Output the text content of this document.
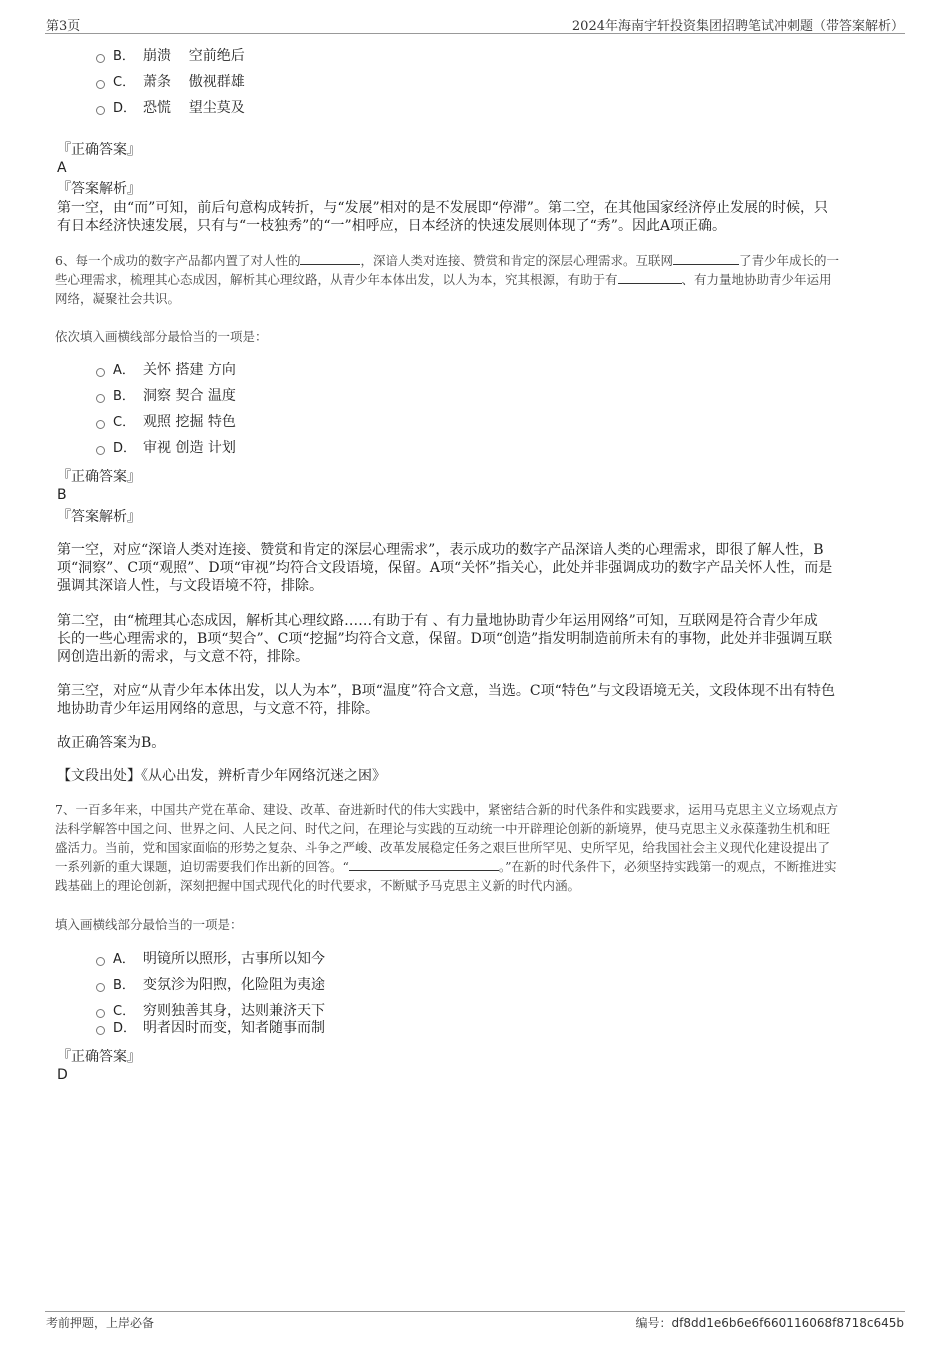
第3页	2024年海南宇轩投资集团招聘笔试冲刺题（带答案解析）
B． 崩溃    空前绝后
C． 萧条    傲视群雄
D． 恐慌    望尘莫及
『正确答案』
A
『答案解析』
第一空，由“而”可知，前后句意构成转折，与“发展”相对的是不发展即“停滞”。第二空，在其他国家经济停止发展的时候，只
有日本经济快速发展，只有与“一枝独秀”的“一”相呼应，日本经济的快速发展则体现了“秀”。因此A项正确。
6、每一个成功的数字产品都内置了对人性的	，深谙人类对连接、赞赏和肯定的深层心理需求。互联网	了青少年成长的一
些心理需求，梳理其心态成因，解析其心理纹路，从青少年本体出发，以人为本，究其根源，有助于有	、有力量地协助青少年运用
网络，凝聚社会共识。
依次填入画横线部分最恰当的一项是：
A． 关怀 搭建 方向
B． 洞察 契合 温度
C． 观照 挖掘 特色
D． 审视 创造 计划
『正确答案』
B
『答案解析』
第一空，对应“深谙人类对连接、赞赏和肯定的深层心理需求”，表示成功的数字产品深谙人类的心理需求，即很了解人性，B
项“洞察”、C项“观照”、D项“审视”均符合文段语境，保留。A项“关怀”指关心，此处并非强调成功的数字产品关怀人性，而是
强调其深谙人性，与文段语境不符，排除。
第二空，由“梳理其心态成因，解析其心理纹路……有助于有 、有力量地协助青少年运用网络”可知，互联网是符合青少年成
长的一些心理需求的，B项“契合”、C项“挖掘”均符合文意，保留。D项“创造”指发明制造前所未有的事物，此处并非强调互联
网创造出新的需求，与文意不符，排除。
第三空，对应“从青少年本体出发，以人为本”，B项“温度”符合文意，当选。C项“特色”与文段语境无关，文段体现不出有特色
地协助青少年运用网络的意思，与文意不符，排除。
故正确答案为B。
【文段出处】《从心出发，辨析青少年网络沉迷之困》
7、一百多年来，中国共产党在革命、建设、改革、奋进新时代的伟大实践中，紧密结合新的时代条件和实践要求，运用马克思主义立场观点方
法科学解答中国之问、世界之问、人民之问、时代之问，在理论与实践的互动统一中开辟理论创新的新境界，使马克思主义永葆蓬勃生机和旺
盛活力。当前，党和国家面临的形势之复杂、斗争之严峻、改革发展稳定任务之艰巨世所罕见、史所罕见，给我国社会主义现代化建设提出了
一系列新的重大课题，迫切需要我们作出新的回答。“	。”在新的时代条件下，必须坚持实践第一的观点，不断推进实
践基础上的理论创新，深刻把握中国式现代化的时代要求，不断赋予马克思主义新的时代内涵。
填入画横线部分最恰当的一项是：
A． 明镜所以照形，古事所以知今
B． 变氛沴为阳煦，化险阻为夷途
C． 穷则独善其身，达则兼济天下
D． 明者因时而变，知者随事而制
『正确答案』
D
考前押题，上岸必备	编号：df8dd1e6b6e6f660116068f8718c645b
